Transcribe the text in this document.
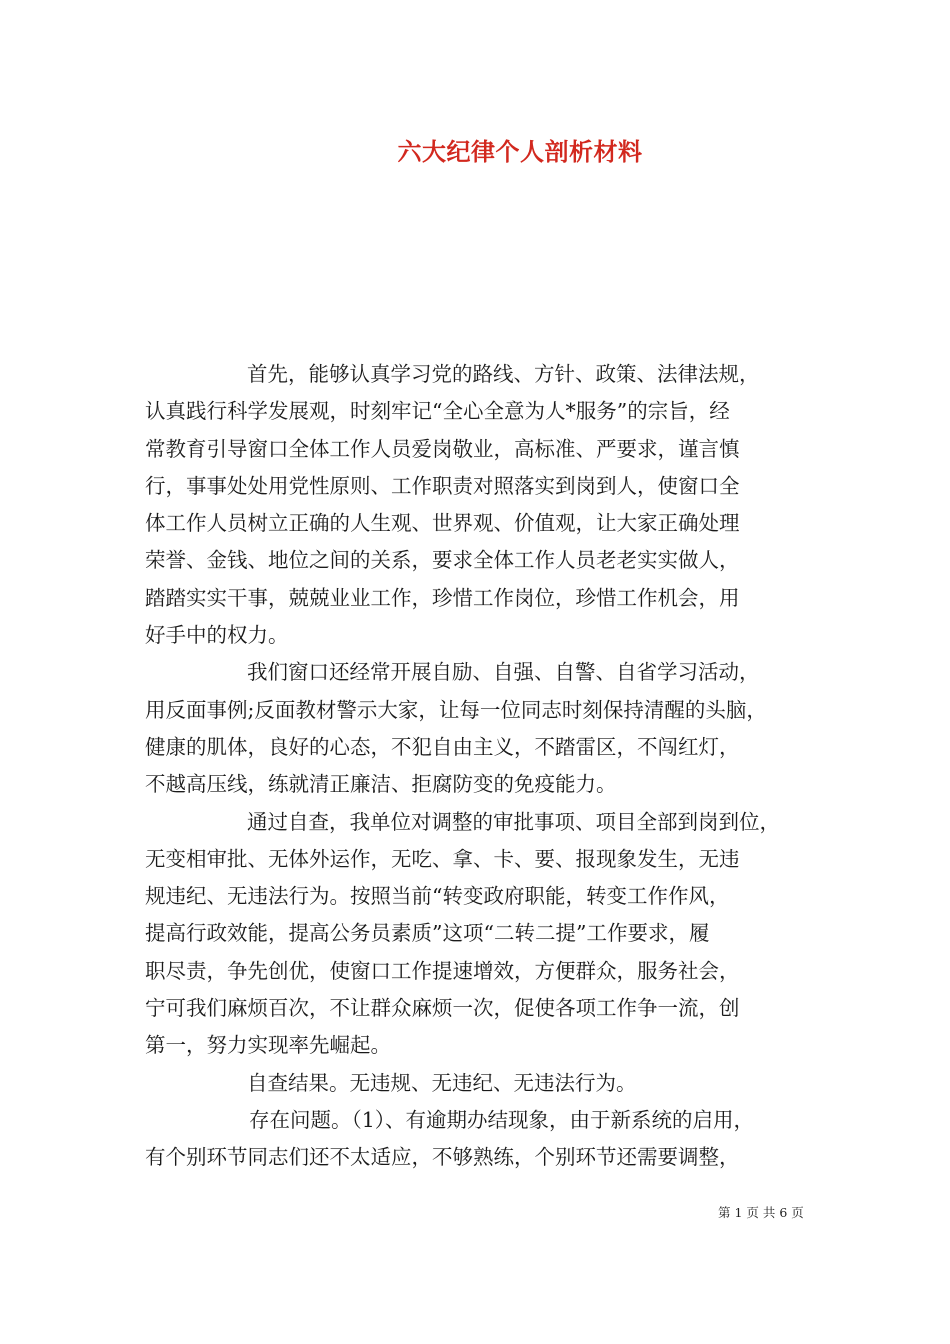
六大纪律个人剖析材料
首先，能够认真学习党的路线、方针、政策、法律法规，
认真践行科学发展观，时刻牢记“全心全意为人*服务”的宗旨，经
常教育引导窗口全体工作人员爱岗敬业，高标准、严要求，谨言慎
行，事事处处用党性原则、工作职责对照落实到岗到人，使窗口全
体工作人员树立正确的人生观、世界观、价值观，让大家正确处理
荣誉、金钱、地位之间的关系，要求全体工作人员老老实实做人，
踏踏实实干事，兢兢业业工作，珍惜工作岗位，珍惜工作机会，用
好手中的权力。
我们窗口还经常开展自励、自强、自警、自省学习活动，
用反面事例;反面教材警示大家，让每一位同志时刻保持清醒的头脑，
健康的肌体，良好的心态，不犯自由主义，不踏雷区，不闯红灯，
不越高压线，练就清正廉洁、拒腐防变的免疫能力。
通过自查，我单位对调整的审批事项、项目全部到岗到位，
无变相审批、无体外运作，无吃、拿、卡、要、报现象发生，无违
规违纪、无违法行为。按照当前“转变政府职能，转变工作作风，
提高行政效能，提高公务员素质”这项“二转二提”工作要求，履
职尽责，争先创优，使窗口工作提速增效，方便群众，服务社会，
宁可我们麻烦百次，不让群众麻烦一次，促使各项工作争一流，创
第一，努力实现率先崛起。
自查结果。无违规、无违纪、无违法行为。
存在问题。（1）、有逾期办结现象，由于新系统的启用，
有个别环节同志们还不太适应，不够熟练，个别环节还需要调整，
第 1 页 共 6 页
